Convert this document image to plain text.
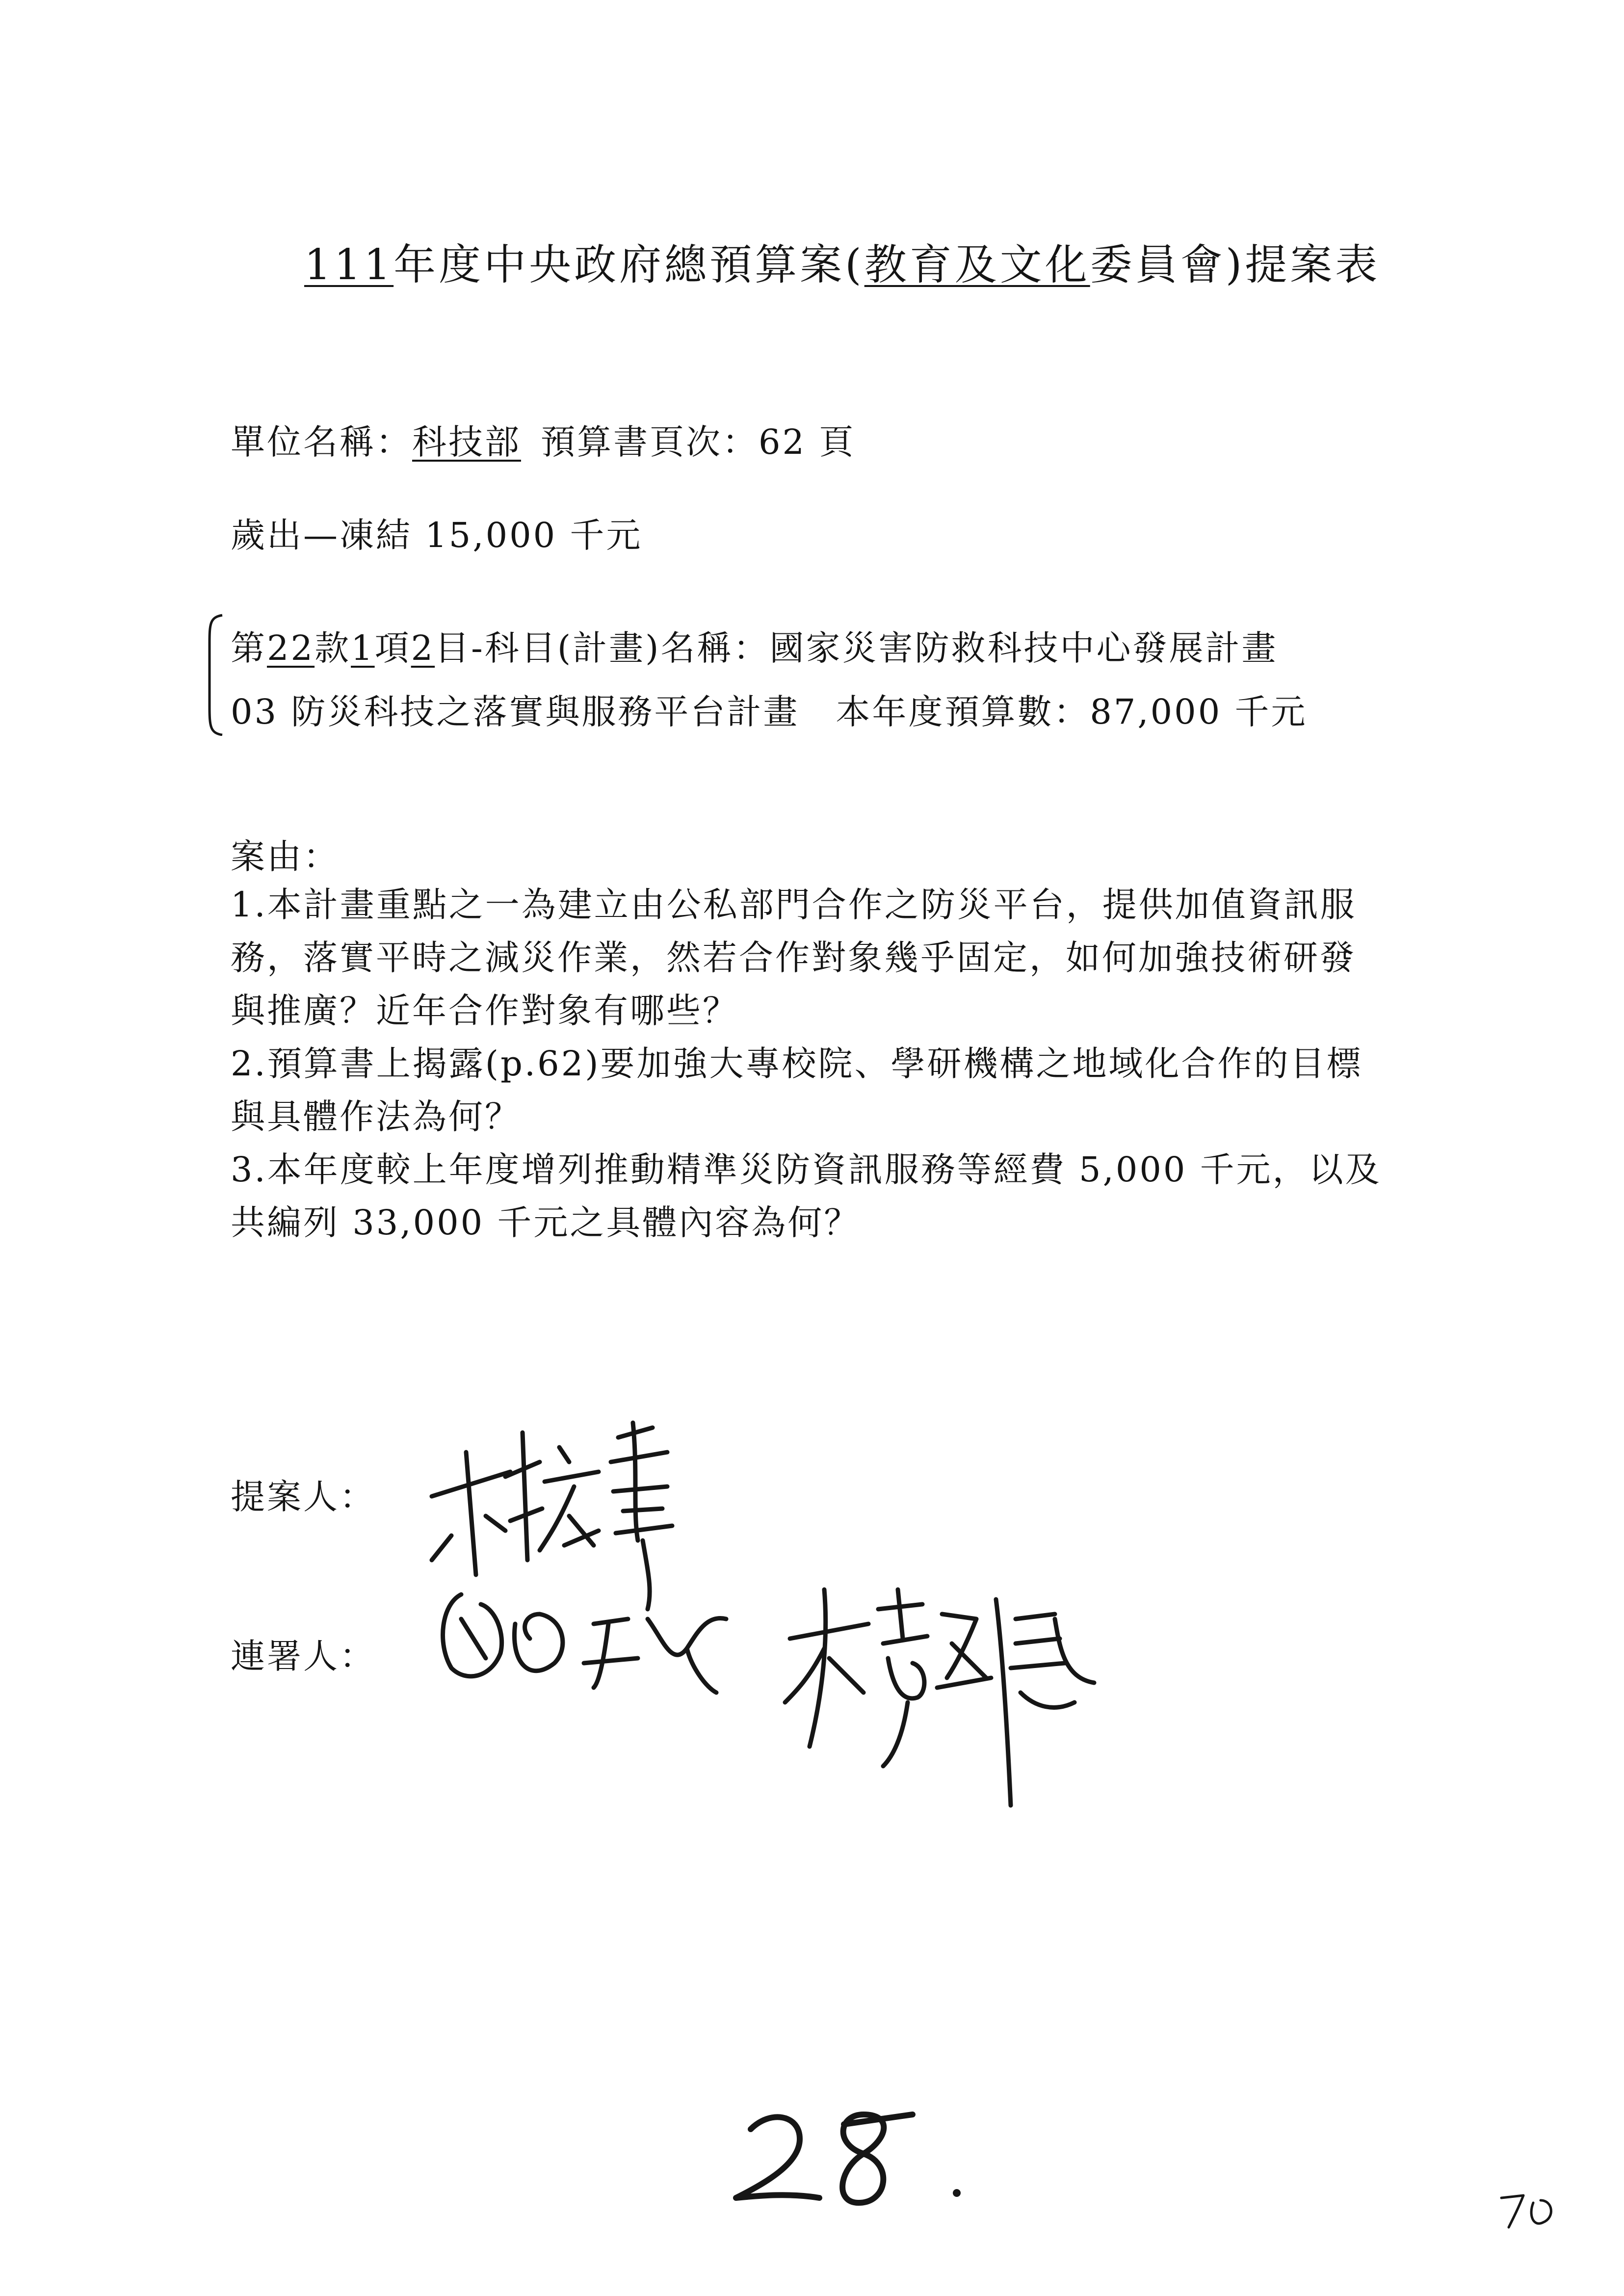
111年度中央政府總預算案(教育及文化委員會)提案表
單位名稱：科技部 預算書頁次：62 頁
歲出—凍結 15,000 千元
第22款1項2目-科目(計畫)名稱：國家災害防救科技中心發展計畫
03 防災科技之落實與服務平台計畫　本年度預算數：87,000 千元
案由：
1.本計畫重點之一為建立由公私部門合作之防災平台，提供加值資訊服
務，落實平時之減災作業，然若合作對象幾乎固定，如何加強技術研發
與推廣？近年合作對象有哪些？
2.預算書上揭露(p.62)要加強大專校院、學研機構之地域化合作的目標
與具體作法為何？
3.本年度較上年度增列推動精準災防資訊服務等經費 5,000 千元，以及
共編列 33,000 千元之具體內容為何？
提案人：
連署人：
